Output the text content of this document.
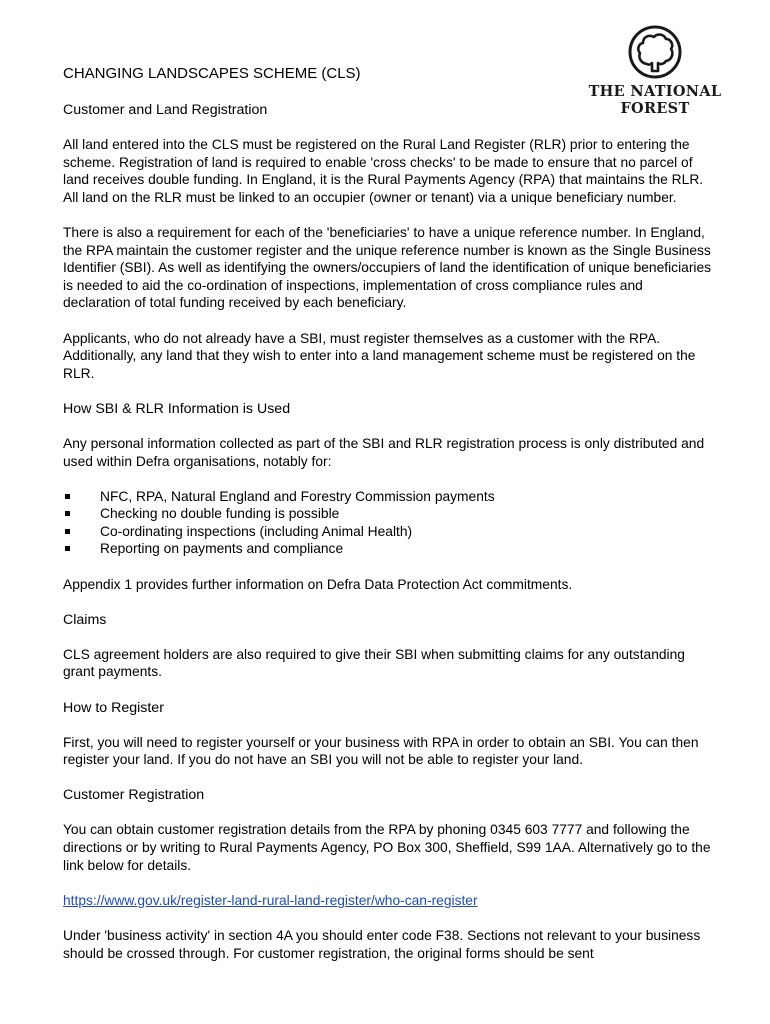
THE NATIONAL
FOREST
CHANGING LANDSCAPES SCHEME (CLS)
Customer and Land Registration

All land entered into the CLS must be registered on the Rural Land Register (RLR) prior to entering the scheme. Registration of land is required to enable 'cross checks' to be made to ensure that no parcel of land receives double funding. In England, it is the Rural Payments Agency (RPA) that maintains the RLR. All land on the RLR must be linked to an occupier (owner or tenant) via a unique beneficiary number.

There is also a requirement for each of the 'beneficiaries' to have a unique reference number. In England, the RPA maintain the customer register and the unique reference number is known as the Single Business Identifier (SBI). As well as identifying the owners/occupiers of land the identification of unique beneficiaries is needed to aid the co-ordination of inspections, implementation of cross compliance rules and declaration of total funding received by each beneficiary.

Applicants, who do not already have a SBI, must register themselves as a customer with the RPA. Additionally, any land that they wish to enter into a land management scheme must be registered on the RLR.

How SBI & RLR Information is Used

Any personal information collected as part of the SBI and RLR registration process is only distributed and used within Defra organisations, notably for:

NFC, RPA, Natural England and Forestry Commission payments
Checking no double funding is possible
Co-ordinating inspections (including Animal Health)
Reporting on payments and compliance

Appendix 1 provides further information on Defra Data Protection Act commitments.

Claims

CLS agreement holders are also required to give their SBI when submitting claims for any outstanding grant payments.

How to Register

First, you will need to register yourself or your business with RPA in order to obtain an SBI. You can then register your land. If you do not have an SBI you will not be able to register your land.

Customer Registration

You can obtain customer registration details from the RPA by phoning 0345 603 7777 and following the directions or by writing to Rural Payments Agency, PO Box 300, Sheffield, S99 1AA. Alternatively go to the link below for details.

https://www.gov.uk/register-land-rural-land-register/who-can-register

Under 'business activity' in section 4A you should enter code F38. Sections not relevant to your business should be crossed through. For customer registration, the original forms should be sent
